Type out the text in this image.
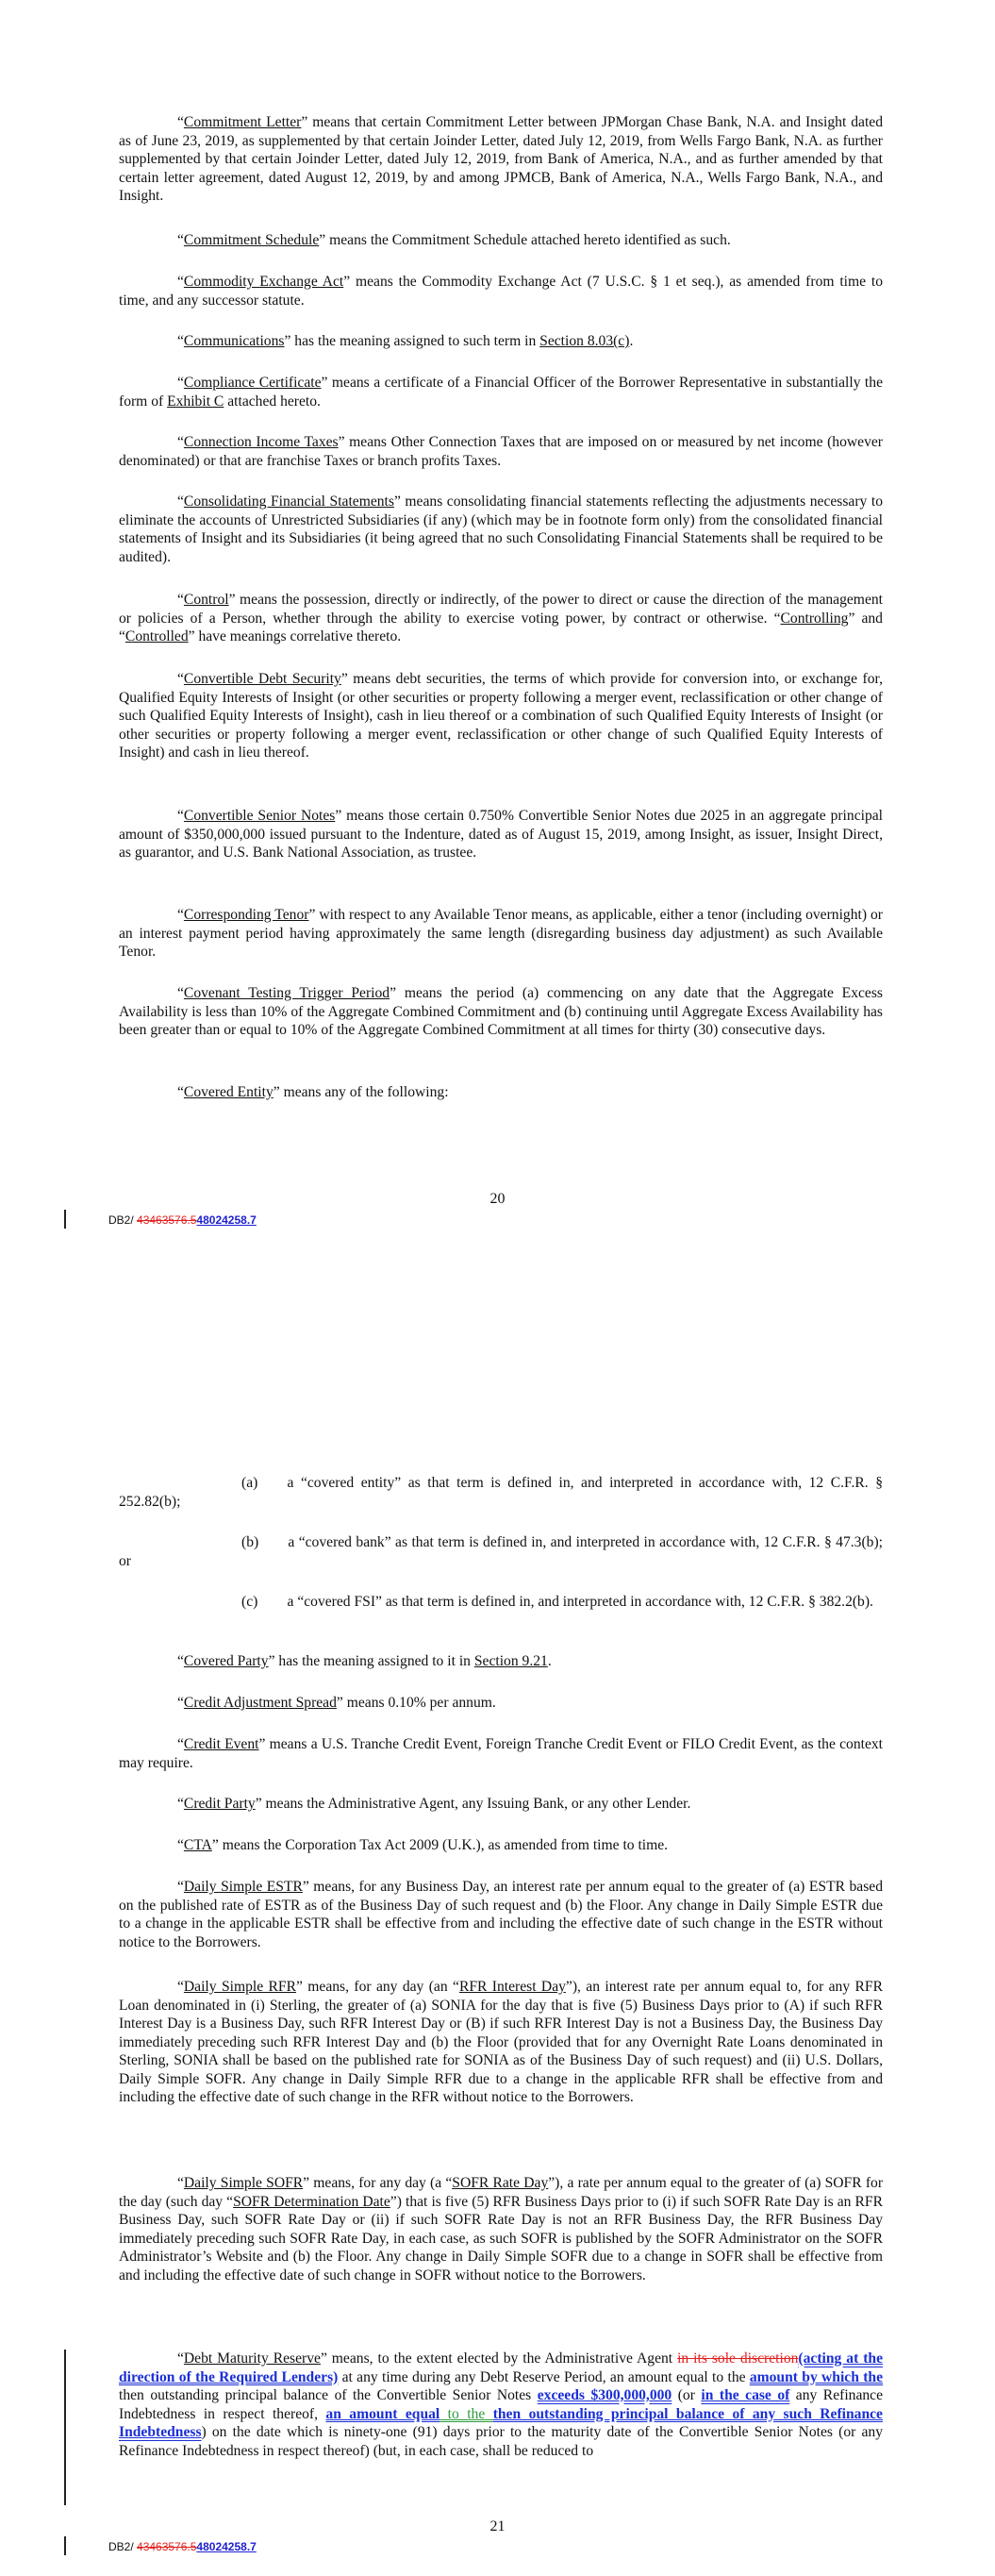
“Commitment Letter” means that certain Commitment Letter between JPMorgan Chase Bank, N.A. and Insight dated as of June 23, 2019, as supplemented by that certain Joinder Letter, dated July 12, 2019, from Wells Fargo Bank, N.A. as further supplemented by that certain Joinder Letter, dated July 12, 2019, from Bank of America, N.A., and as further amended by that certain letter agreement, dated August 12, 2019, by and among JPMCB, Bank of America, N.A., Wells Fargo Bank, N.A., and Insight.

“Commitment Schedule” means the Commitment Schedule attached hereto identified as such.

“Commodity Exchange Act” means the Commodity Exchange Act (7 U.S.C. § 1 et seq.), as amended from time to time, and any successor statute.

“Communications” has the meaning assigned to such term in Section 8.03(c).

“Compliance Certificate” means a certificate of a Financial Officer of the Borrower Representative in substantially the form of Exhibit C attached hereto.

“Connection Income Taxes” means Other Connection Taxes that are imposed on or measured by net income (however denominated) or that are franchise Taxes or branch profits Taxes.

“Consolidating Financial Statements” means consolidating financial statements reflecting the adjustments necessary to eliminate the accounts of Unrestricted Subsidiaries (if any) (which may be in footnote form only) from the consolidated financial statements of Insight and its Subsidiaries (it being agreed that no such Consolidating Financial Statements shall be required to be audited).

“Control” means the possession, directly or indirectly, of the power to direct or cause the direction of the management or policies of a Person, whether through the ability to exercise voting power, by contract or otherwise. “Controlling” and “Controlled” have meanings correlative thereto.

“Convertible Debt Security” means debt securities, the terms of which provide for conversion into, or exchange for, Qualified Equity Interests of Insight (or other securities or property following a merger event, reclassification or other change of such Qualified Equity Interests of Insight), cash in lieu thereof or a combination of such Qualified Equity Interests of Insight (or other securities or property following a merger event, reclassification or other change of such Qualified Equity Interests of Insight) and cash in lieu thereof.

“Convertible Senior Notes” means those certain 0.750% Convertible Senior Notes due 2025 in an aggregate principal amount of $350,000,000 issued pursuant to the Indenture, dated as of August 15, 2019, among Insight, as issuer, Insight Direct, as guarantor, and U.S. Bank National Association, as trustee.

“Corresponding Tenor” with respect to any Available Tenor means, as applicable, either a tenor (including overnight) or an interest payment period having approximately the same length (disregarding business day adjustment) as such Available Tenor.

“Covenant Testing Trigger Period” means the period (a) commencing on any date that the Aggregate Excess Availability is less than 10% of the Aggregate Combined Commitment and (b) continuing until Aggregate Excess Availability has been greater than or equal to 10% of the Aggregate Combined Commitment at all times for thirty (30) consecutive days.

“Covered Entity” means any of the following:

20
DB2/ 43463576.548024258.7

(a)   a “covered entity” as that term is defined in, and interpreted in accordance with, 12 C.F.R. § 252.82(b);

(b)   a “covered bank” as that term is defined in, and interpreted in accordance with, 12 C.F.R. § 47.3(b); or

(c)   a “covered FSI” as that term is defined in, and interpreted in accordance with, 12 C.F.R. § 382.2(b).

“Covered Party” has the meaning assigned to it in Section 9.21.

“Credit Adjustment Spread” means 0.10% per annum.

“Credit Event” means a U.S. Tranche Credit Event, Foreign Tranche Credit Event or FILO Credit Event, as the context may require.

“Credit Party” means the Administrative Agent, any Issuing Bank, or any other Lender.

“CTA” means the Corporation Tax Act 2009 (U.K.), as amended from time to time.

“Daily Simple ESTR” means, for any Business Day, an interest rate per annum equal to the greater of (a) ESTR based on the published rate of ESTR as of the Business Day of such request and (b) the Floor. Any change in Daily Simple ESTR due to a change in the applicable ESTR shall be effective from and including the effective date of such change in the ESTR without notice to the Borrowers.

“Daily Simple RFR” means, for any day (an “RFR Interest Day”), an interest rate per annum equal to, for any RFR Loan denominated in (i) Sterling, the greater of (a) SONIA for the day that is five (5) Business Days prior to (A) if such RFR Interest Day is a Business Day, such RFR Interest Day or (B) if such RFR Interest Day is not a Business Day, the Business Day immediately preceding such RFR Interest Day and (b) the Floor (provided that for any Overnight Rate Loans denominated in Sterling, SONIA shall be based on the published rate for SONIA as of the Business Day of such request) and (ii) U.S. Dollars, Daily Simple SOFR. Any change in Daily Simple RFR due to a change in the applicable RFR shall be effective from and including the effective date of such change in the RFR without notice to the Borrowers.

“Daily Simple SOFR” means, for any day (a “SOFR Rate Day”), a rate per annum equal to the greater of (a) SOFR for the day (such day “SOFR Determination Date”) that is five (5) RFR Business Days prior to (i) if such SOFR Rate Day is an RFR Business Day, such SOFR Rate Day or (ii) if such SOFR Rate Day is not an RFR Business Day, the RFR Business Day immediately preceding such SOFR Rate Day, in each case, as such SOFR is published by the SOFR Administrator on the SOFR Administrator’s Website and (b) the Floor. Any change in Daily Simple SOFR due to a change in SOFR shall be effective from and including the effective date of such change in SOFR without notice to the Borrowers.

“Debt Maturity Reserve” means, to the extent elected by the Administrative Agent in its sole discretion(acting at the direction of the Required Lenders) at any time during any Debt Reserve Period, an amount equal to the amount by which the then outstanding principal balance of the Convertible Senior Notes exceeds $300,000,000 (or in the case of any Refinance Indebtedness in respect thereof, an amount equal to the then outstanding principal balance of any such Refinance Indebtedness) on the date which is ninety-one (91) days prior to the maturity date of the Convertible Senior Notes (or any Refinance Indebtedness in respect thereof) (but, in each case, shall be reduced to

21
DB2/ 43463576.548024258.7
